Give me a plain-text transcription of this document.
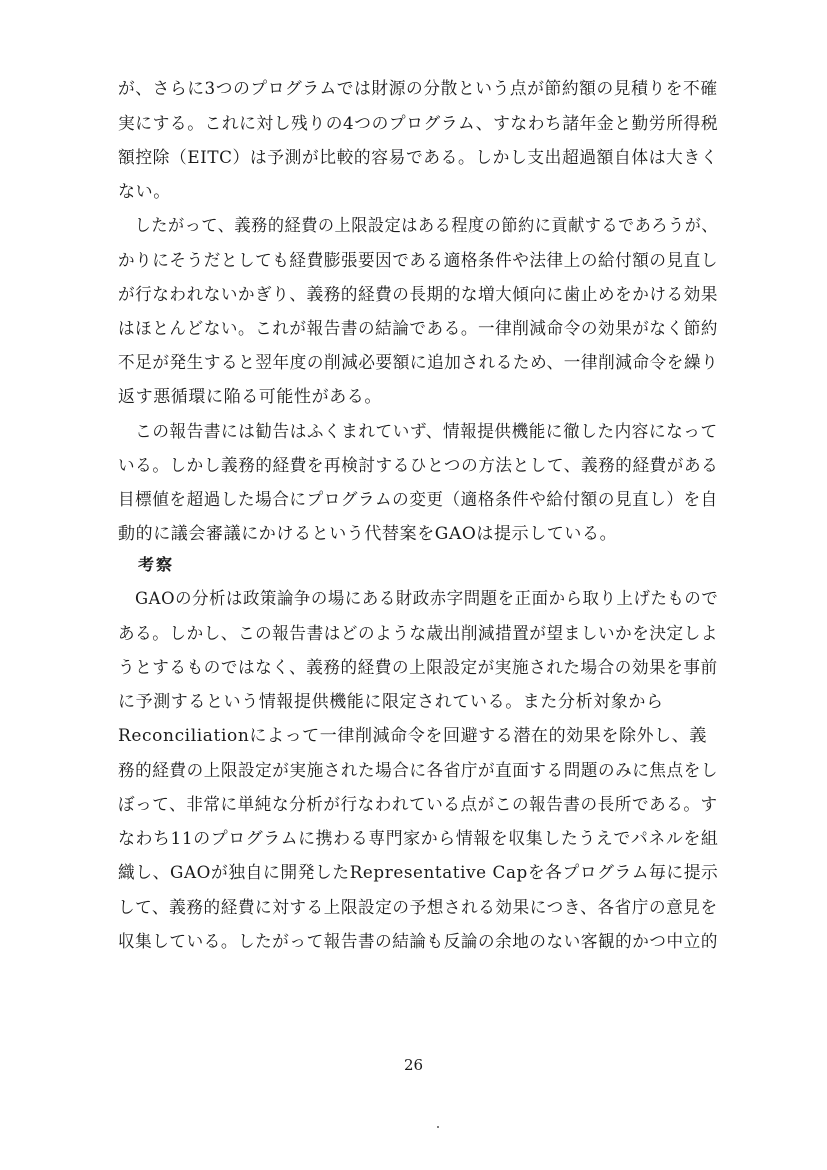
が、さらに3つのプログラムでは財源の分散という点が節約額の見積りを不確
実にする。これに対し残りの4つのプログラム、すなわち諸年金と勤労所得税
額控除（EITC）は予測が比較的容易である。しかし支出超過額自体は大きく
ない。
　したがって、義務的経費の上限設定はある程度の節約に貢献するであろうが、
かりにそうだとしても経費膨張要因である適格条件や法律上の給付額の見直し
が行なわれないかぎり、義務的経費の長期的な増大傾向に歯止めをかける効果
はほとんどない。これが報告書の結論である。一律削減命令の効果がなく節約
不足が発生すると翌年度の削減必要額に追加されるため、一律削減命令を繰り
返す悪循環に陥る可能性がある。
　この報告書には勧告はふくまれていず、情報提供機能に徹した内容になって
いる。しかし義務的経費を再検討するひとつの方法として、義務的経費がある
目標値を超過した場合にプログラムの変更（適格条件や給付額の見直し）を自
動的に議会審議にかけるという代替案をGAOは提示している。
考察
　GAOの分析は政策論争の場にある財政赤字問題を正面から取り上げたもので
ある。しかし、この報告書はどのような歳出削減措置が望ましいかを決定しよ
うとするものではなく、義務的経費の上限設定が実施された場合の効果を事前
に予測するという情報提供機能に限定されている。また分析対象から
Reconciliationによって一律削減命令を回避する潜在的効果を除外し、義
務的経費の上限設定が実施された場合に各省庁が直面する問題のみに焦点をし
ぼって、非常に単純な分析が行なわれている点がこの報告書の長所である。す
なわち11のプログラムに携わる専門家から情報を収集したうえでパネルを組
織し、GAOが独自に開発したRepresentative Capを各プログラム毎に提示
して、義務的経費に対する上限設定の予想される効果につき、各省庁の意見を
収集している。したがって報告書の結論も反論の余地のない客観的かつ中立的
26
